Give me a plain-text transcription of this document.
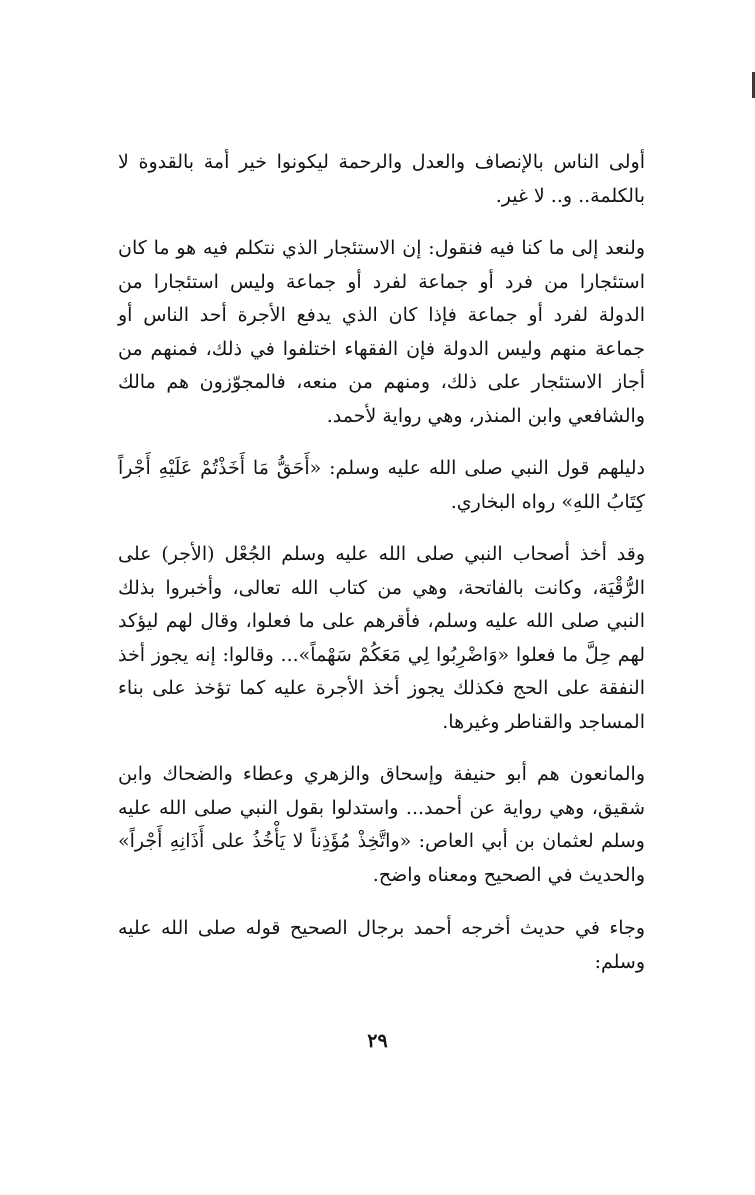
أولى الناس بالإنصاف والعدل والرحمة ليكونوا خير أمة بالقدوة لا بالكلمة.. و.. لا غير.

ولنعد إلى ما كنا فيه فنقول: إن الاستئجار الذي نتكلم فيه هو ما كان استئجارا من فرد أو جماعة لفرد أو جماعة وليس استئجارا من الدولة لفرد أو جماعة فإذا كان الذي يدفع الأجرة أحد الناس أو جماعة منهم وليس الدولة فإن الفقهاء اختلفوا في ذلك، فمنهم من أجاز الاستئجار على ذلك، ومنهم من منعه، فالمجوّزون هم مالك والشافعي وابن المنذر، وهي رواية لأحمد.

دليلهم قول النبي صلى الله عليه وسلم: «أَحَقُّ مَا أَخَذْتُمْ عَلَيْهِ أَجْراً كِتَابُ اللهِ» رواه البخاري.

وقد أخذ أصحاب النبي صلى الله عليه وسلم الجُعْل (الأجر) على الرُّقْيَة، وكانت بالفاتحة، وهي من كتاب الله تعالى، وأخبروا بذلك النبي صلى الله عليه وسلم، فأقرهم على ما فعلوا، وقال لهم ليؤكد لهم حِلَّ ما فعلوا «وَاضْرِبُوا لِي مَعَكُمْ سَهْماً»... وقالوا: إنه يجوز أخذ النفقة على الحج فكذلك يجوز أخذ الأجرة عليه كما تؤخذ على بناء المساجد والقناطر وغيرها.

والمانعون هم أبو حنيفة وإسحاق والزهري وعطاء والضحاك وابن شقيق، وهي رواية عن أحمد... واستدلوا بقول النبي صلى الله عليه وسلم لعثمان بن أبي العاص: «واتَّخِذْ مُؤَذِناً لا يَأْخُذُ على أَذَانِهِ أَجْراً» والحديث في الصحيح ومعناه واضح.

وجاء في حديث أخرجه أحمد برجال الصحيح قوله صلى الله عليه وسلم:

٢٩
